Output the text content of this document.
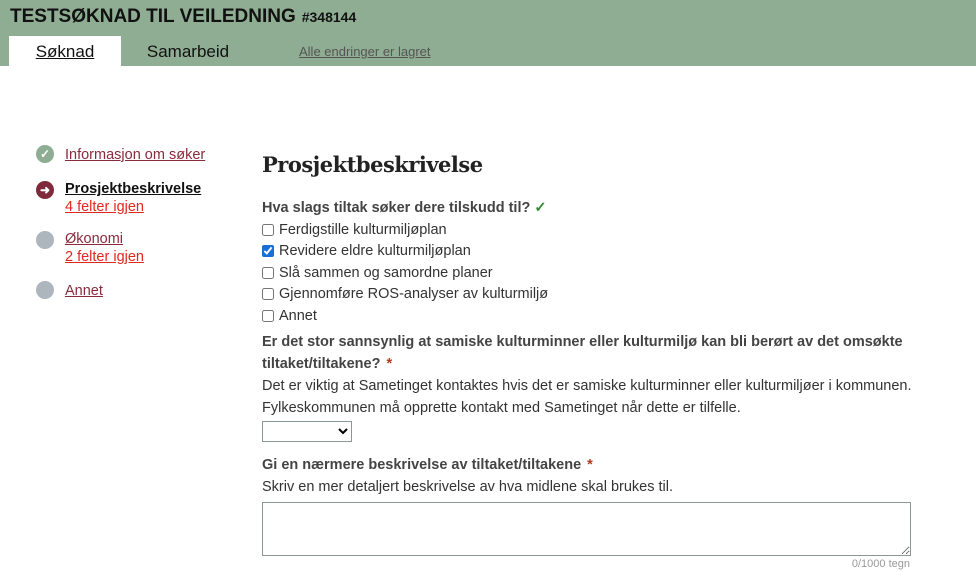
TESTSØKNAD TIL VEILEDNING #348144
Søknad	Samarbeid	Alle endringer er lagret
✓ Informasjon om søker
➜ Prosjektbeskrivelse
4 felter igjen
Økonomi
2 felter igjen
Annet
Prosjektbeskrivelse
Hva slags tiltak søker dere tilskudd til? ✓
Ferdigstille kulturmiljøplan
Revidere eldre kulturmiljøplan
Slå sammen og samordne planer
Gjennomføre ROS-analyser av kulturmiljø
Annet
Er det stor sannsynlig at samiske kulturminner eller kulturmiljø kan bli berørt av det omsøkte tiltaket/tiltakene? *
Det er viktig at Sametinget kontaktes hvis det er samiske kulturminner eller kulturmiljøer i kommunen. Fylkeskommunen må opprette kontakt med Sametinget når dette er tilfelle.
Gi en nærmere beskrivelse av tiltaket/tiltakene *
Skriv en mer detaljert beskrivelse av hva midlene skal brukes til.
0/1000 tegn
